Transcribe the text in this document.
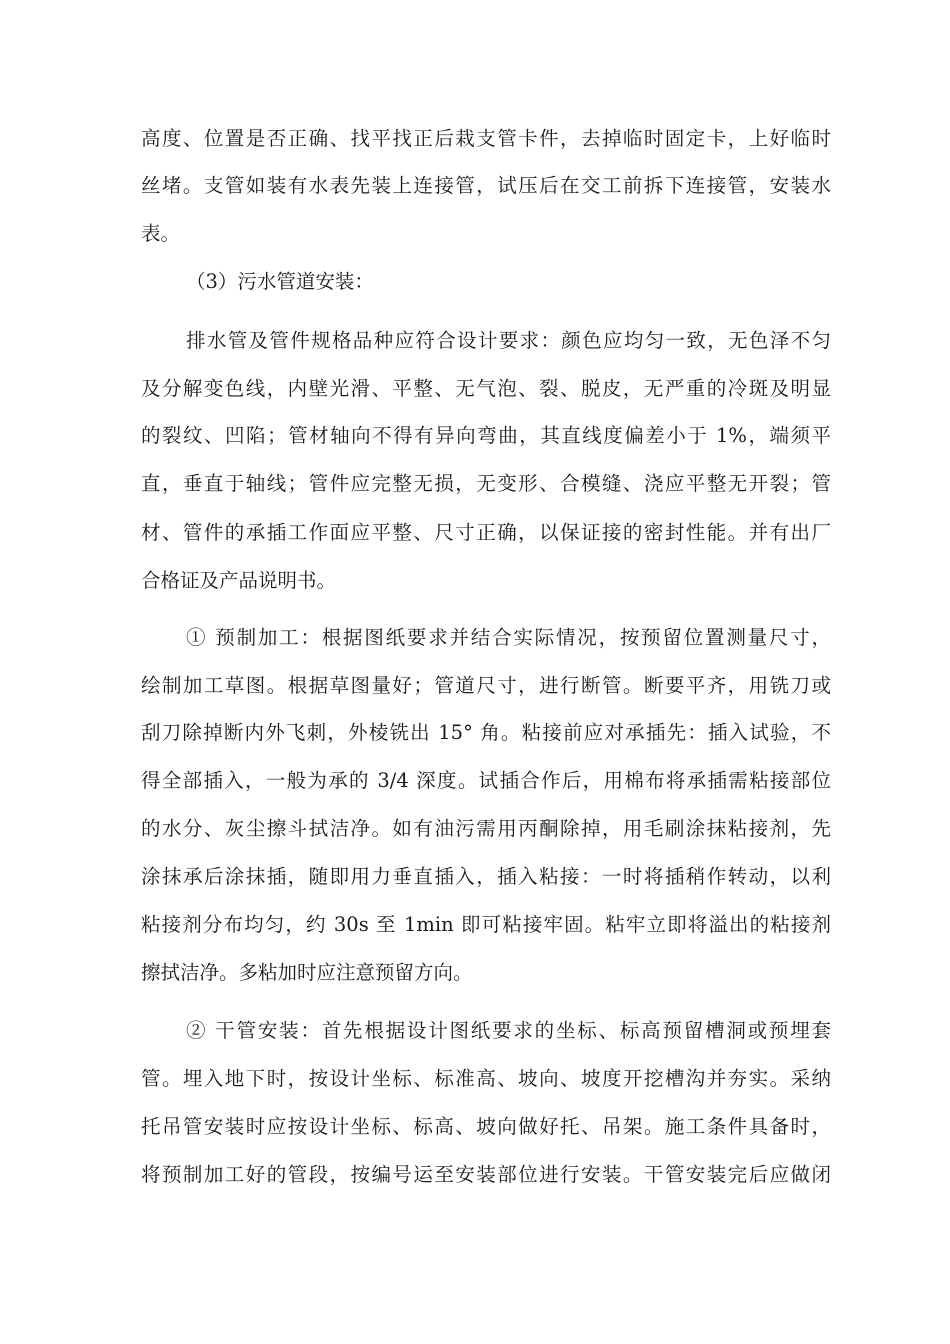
高度、位置是否正确、找平找正后栽支管卡件，去掉临时固定卡，上好临时
丝堵。支管如装有水表先装上连接管，试压后在交工前拆下连接管，安装水
表。
（3）污水管道安装：
排水管及管件规格品种应符合设计要求：颜色应均匀一致，无色泽不匀
及分解变色线，内壁光滑、平整、无气泡、裂、脱皮，无严重的冷斑及明显
的裂纹、凹陷；管材轴向不得有异向弯曲，其直线度偏差小于 1%，端须平
直，垂直于轴线；管件应完整无损，无变形、合模缝、浇应平整无开裂；管
材、管件的承插工作面应平整、尺寸正确，以保证接的密封性能。并有出厂
合格证及产品说明书。
① 预制加工：根据图纸要求并结合实际情况，按预留位置测量尺寸，
绘制加工草图。根据草图量好；管道尺寸，进行断管。断要平齐，用铣刀或
刮刀除掉断内外飞刺，外棱铣出 15° 角。粘接前应对承插先：插入试验，不
得全部插入，一般为承的 3/4 深度。试插合作后，用棉布将承插需粘接部位
的水分、灰尘擦斗拭洁净。如有油污需用丙酮除掉，用毛刷涂抹粘接剂，先
涂抹承后涂抹插，随即用力垂直插入，插入粘接：一时将插稍作转动，以利
粘接剂分布均匀，约 30s 至 1min 即可粘接牢固。粘牢立即将溢出的粘接剂
擦拭洁净。多粘加时应注意预留方向。
② 干管安装：首先根据设计图纸要求的坐标、标高预留槽洞或预埋套
管。埋入地下时，按设计坐标、标准高、坡向、坡度开挖槽沟并夯实。采纳
托吊管安装时应按设计坐标、标高、坡向做好托、吊架。施工条件具备时，
将预制加工好的管段，按编号运至安装部位进行安装。干管安装完后应做闭
